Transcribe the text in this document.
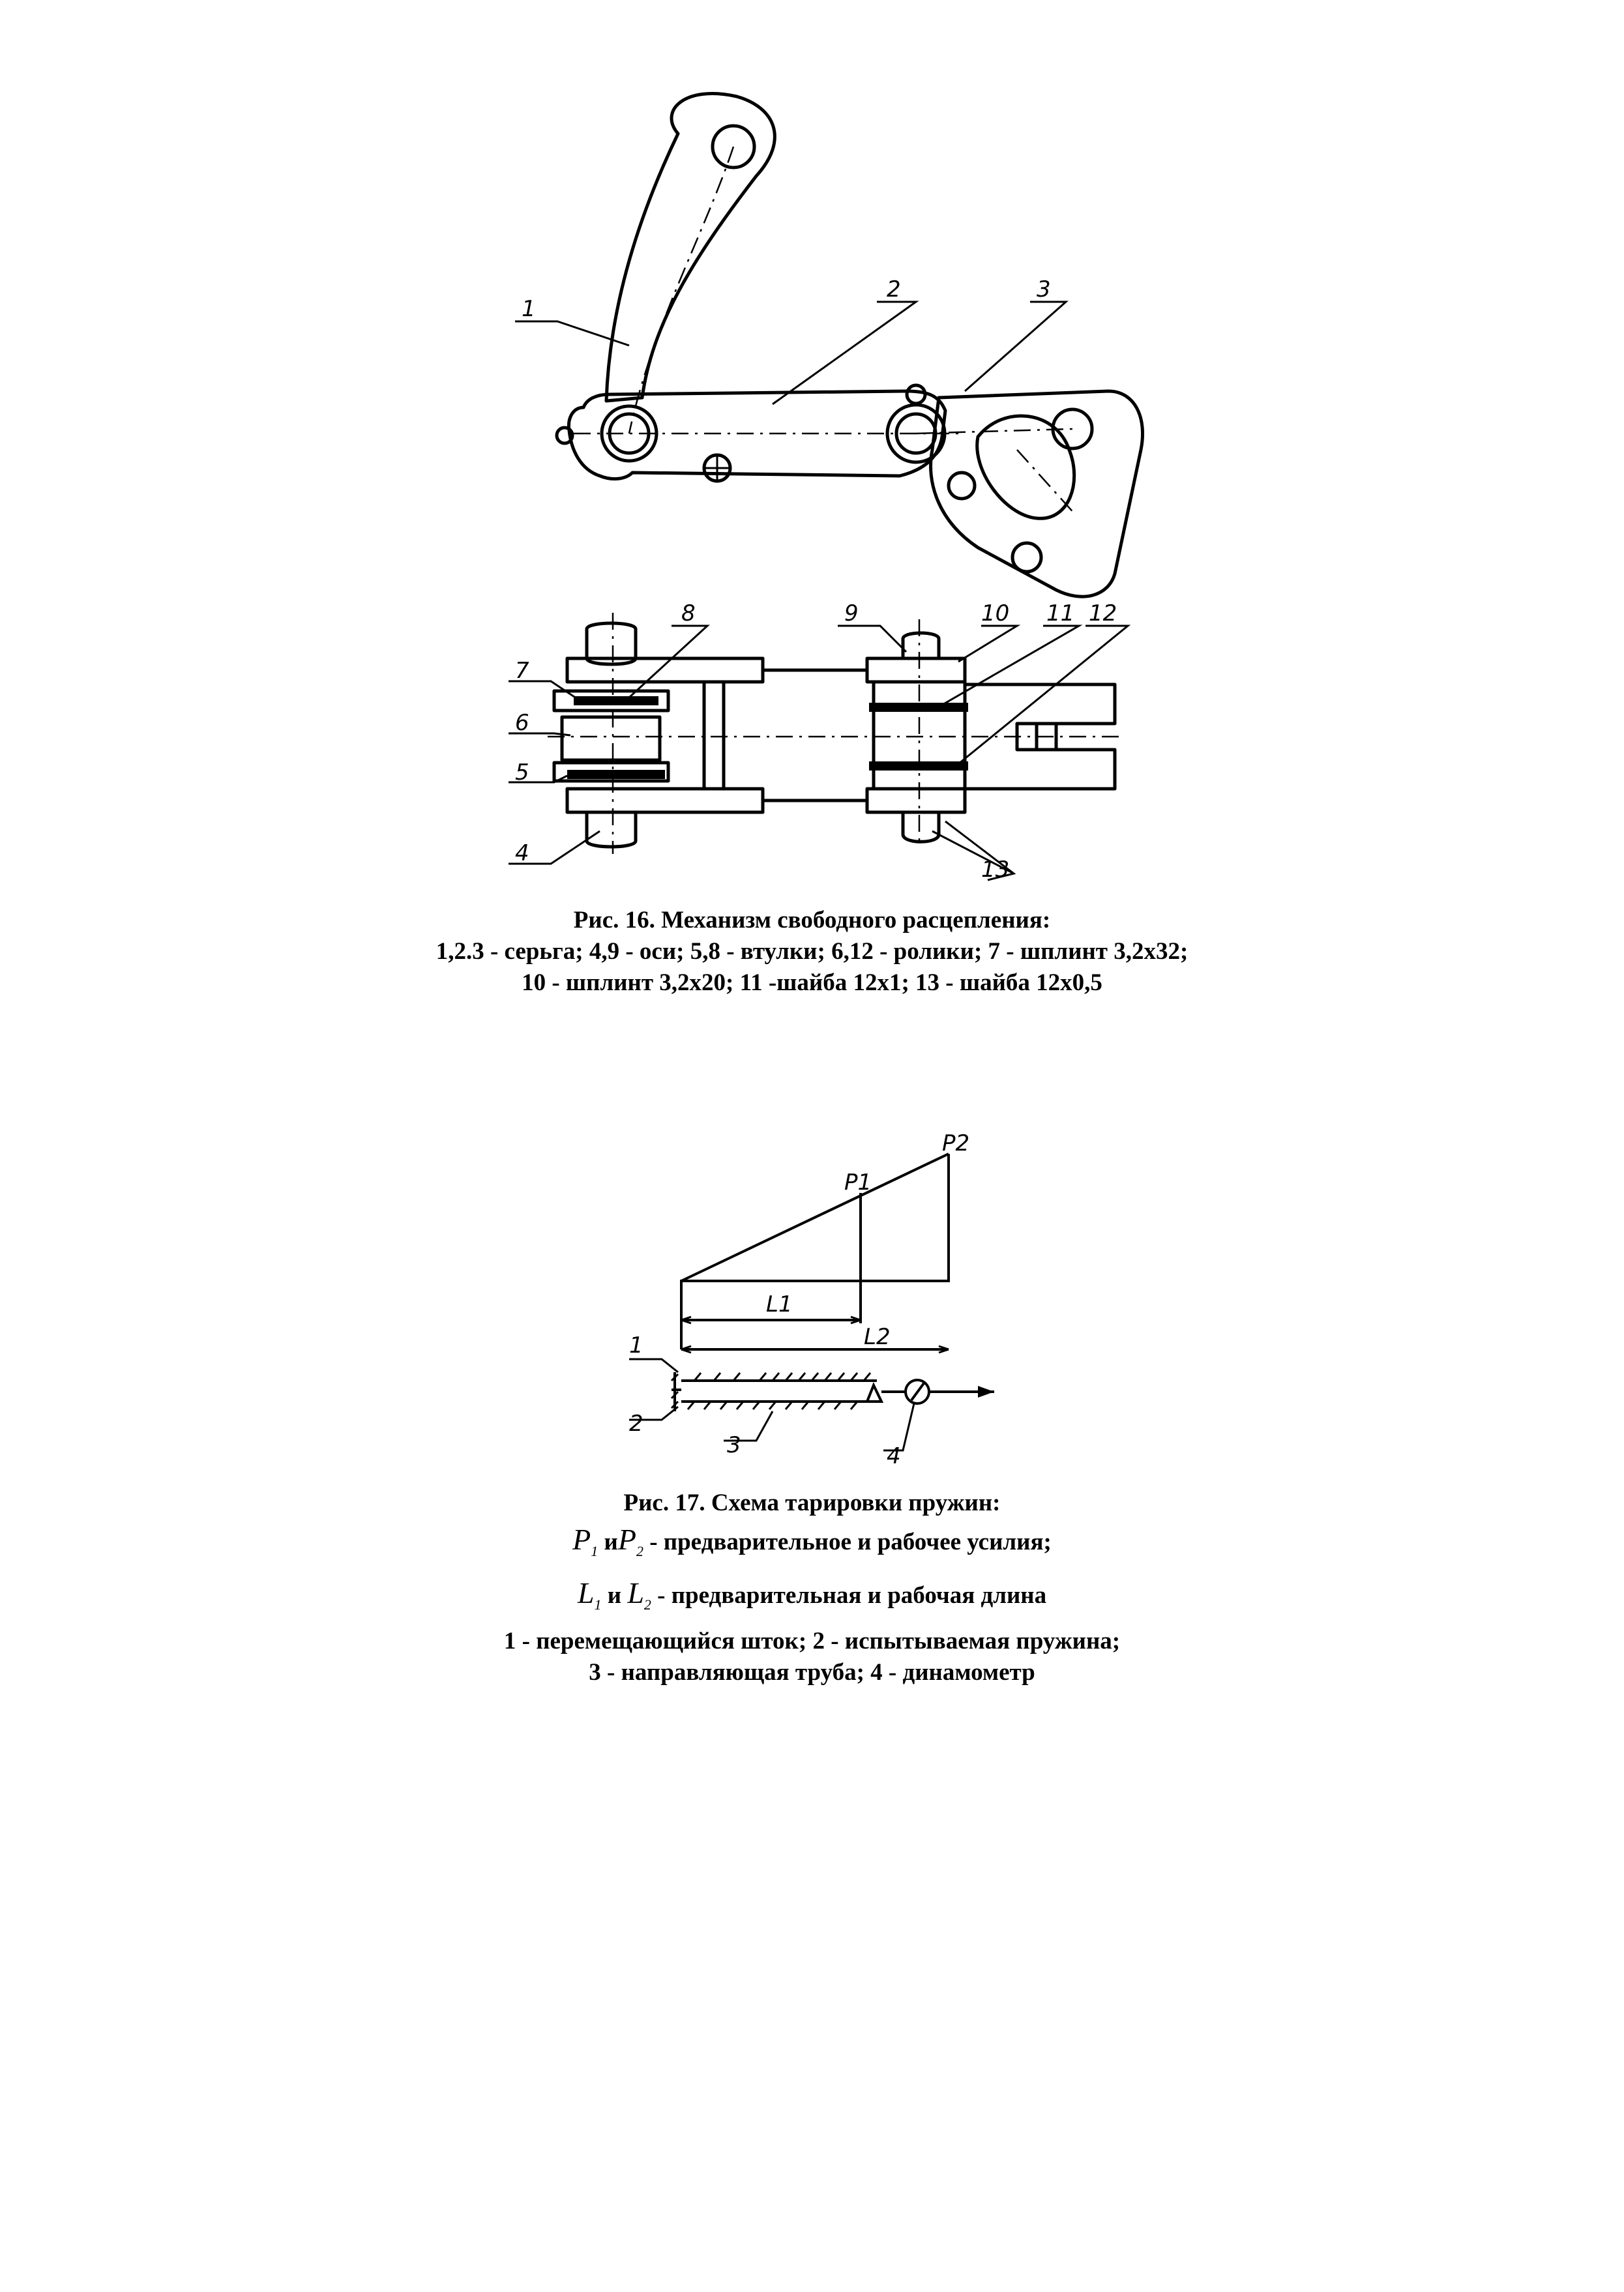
1
2	3
7
6
5
4
8	9	10 11 12
13
Рис. 16. Механизм свободного расцепления:
1,2.3 - серьга; 4,9 - оси; 5,8 - втулки; 6,12 - ролики; 7 - шплинт 3,2х32;
10 - шплинт 3,2х20; 11 -шайба 12х1; 13 - шайба 12х0,5
P1
P2
L1
L2
1
2
3	4
Рис. 17. Схема тарировки пружин:
$P_1$ $иP_2$ - предварительное и рабочее усилия;
$L_1$ и $L_2$ - предварительная и рабочая длина
1 - перемещающийся шток; 2 - испытываемая пружина;
3 - направляющая труба; 4 - динамометр
